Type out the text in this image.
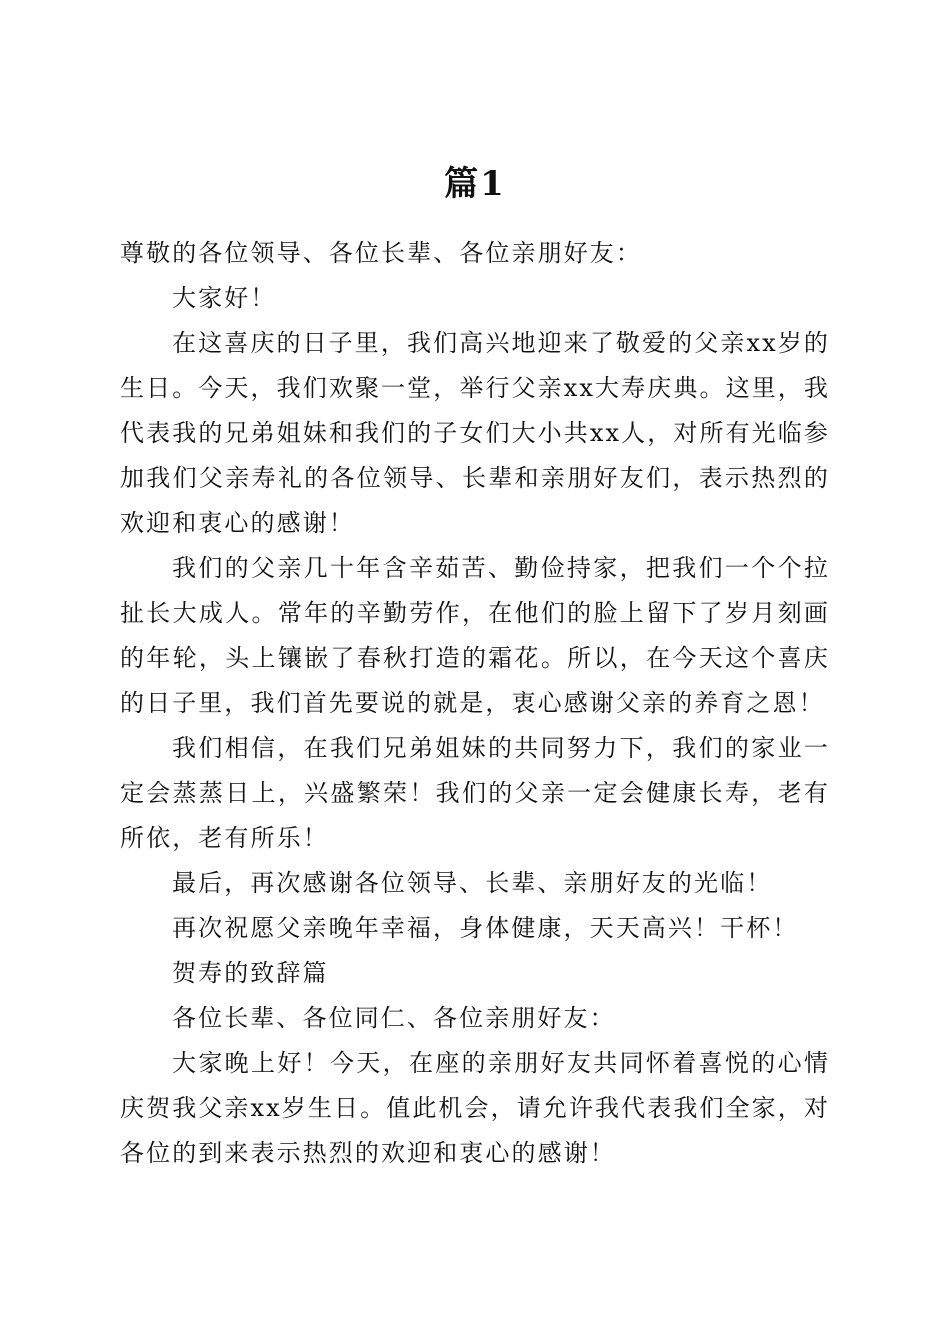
篇1

尊敬的各位领导、各位长辈、各位亲朋好友：

大家好！

在这喜庆的日子里，我们高兴地迎来了敬爱的父亲xx岁的生日。今天，我们欢聚一堂，举行父亲xx大寿庆典。这里，我代表我的兄弟姐妹和我们的子女们大小共xx人，对所有光临参加我们父亲寿礼的各位领导、长辈和亲朋好友们，表示热烈的欢迎和衷心的感谢！

我们的父亲几十年含辛茹苦、勤俭持家，把我们一个个拉扯长大成人。常年的辛勤劳作，在他们的脸上留下了岁月刻画的年轮，头上镶嵌了春秋打造的霜花。所以，在今天这个喜庆的日子里，我们首先要说的就是，衷心感谢父亲的养育之恩！

我们相信，在我们兄弟姐妹的共同努力下，我们的家业一定会蒸蒸日上，兴盛繁荣！我们的父亲一定会健康长寿，老有所依，老有所乐！

最后，再次感谢各位领导、长辈、亲朋好友的光临！

再次祝愿父亲晚年幸福，身体健康，天天高兴！干杯！

贺寿的致辞篇

各位长辈、各位同仁、各位亲朋好友：

大家晚上好！今天，在座的亲朋好友共同怀着喜悦的心情庆贺我父亲xx岁生日。值此机会，请允许我代表我们全家，对各位的到来表示热烈的欢迎和衷心的感谢！
